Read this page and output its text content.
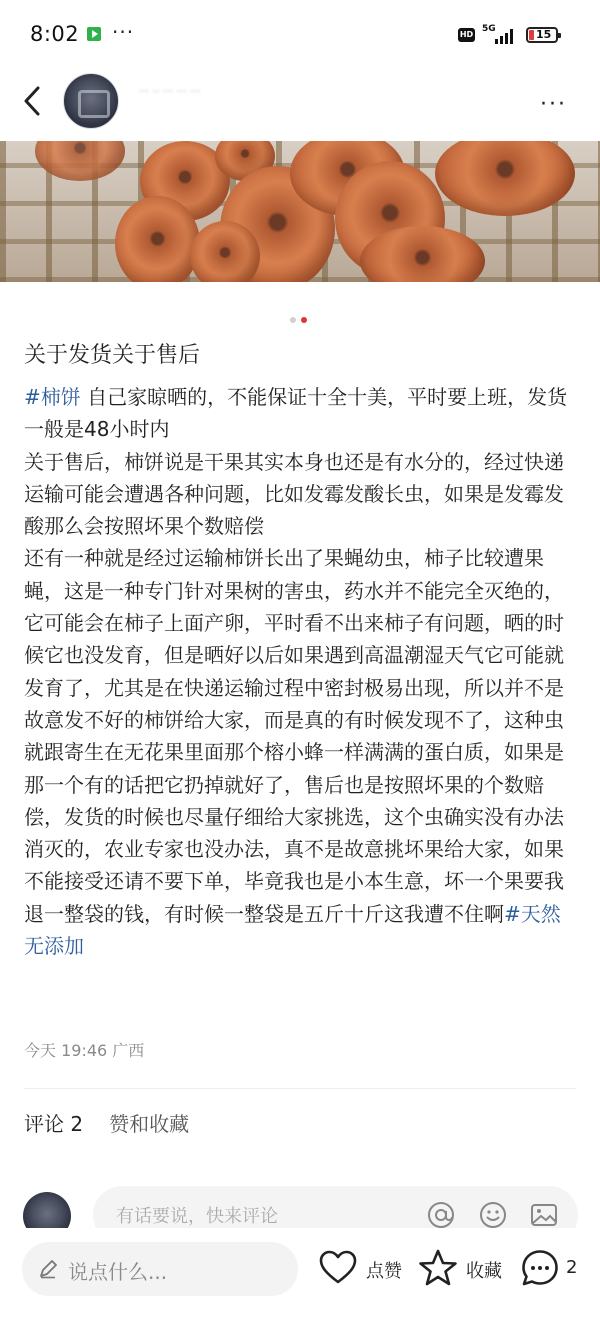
8:02 ···	HD
5G	15
··· ·· ··· ··· ···	···
关于发货关于售后

#柿饼 自己家晾晒的，不能保证十全十美，平时要上班，发货一般是48小时内

关于售后，柿饼说是干果其实本身也还是有水分的，经过快递运输可能会遭遇各种问题，比如发霉发酸长虫，如果是发霉发酸那么会按照坏果个数赔偿

还有一种就是经过运输柿饼长出了果蝇幼虫，柿子比较遭果蝇，这是一种专门针对果树的害虫，药水并不能完全灭绝的，它可能会在柿子上面产卵，平时看不出来柿子有问题，晒的时候它也没发育，但是晒好以后如果遇到高温潮湿天气它可能就发育了，尤其是在快递运输过程中密封极易出现，所以并不是故意发不好的柿饼给大家，而是真的有时候发现不了，这种虫就跟寄生在无花果里面那个榕小蜂一样满满的蛋白质，如果是那一个有的话把它扔掉就好了，售后也是按照坏果的个数赔偿，发货的时候也尽量仔细给大家挑选，这个虫确实没有办法消灭的，农业专家也没办法，真不是故意挑坏果给大家，如果不能接受还请不要下单，毕竟我也是小本生意，坏一个果要我退一整袋的钱，有时候一整袋是五斤十斤这我遭不住啊#天然无添加

今天 19:46 广西
评论 2 赞和收藏
有话要说，快来评论
说点什么...	点赞	收藏	2
